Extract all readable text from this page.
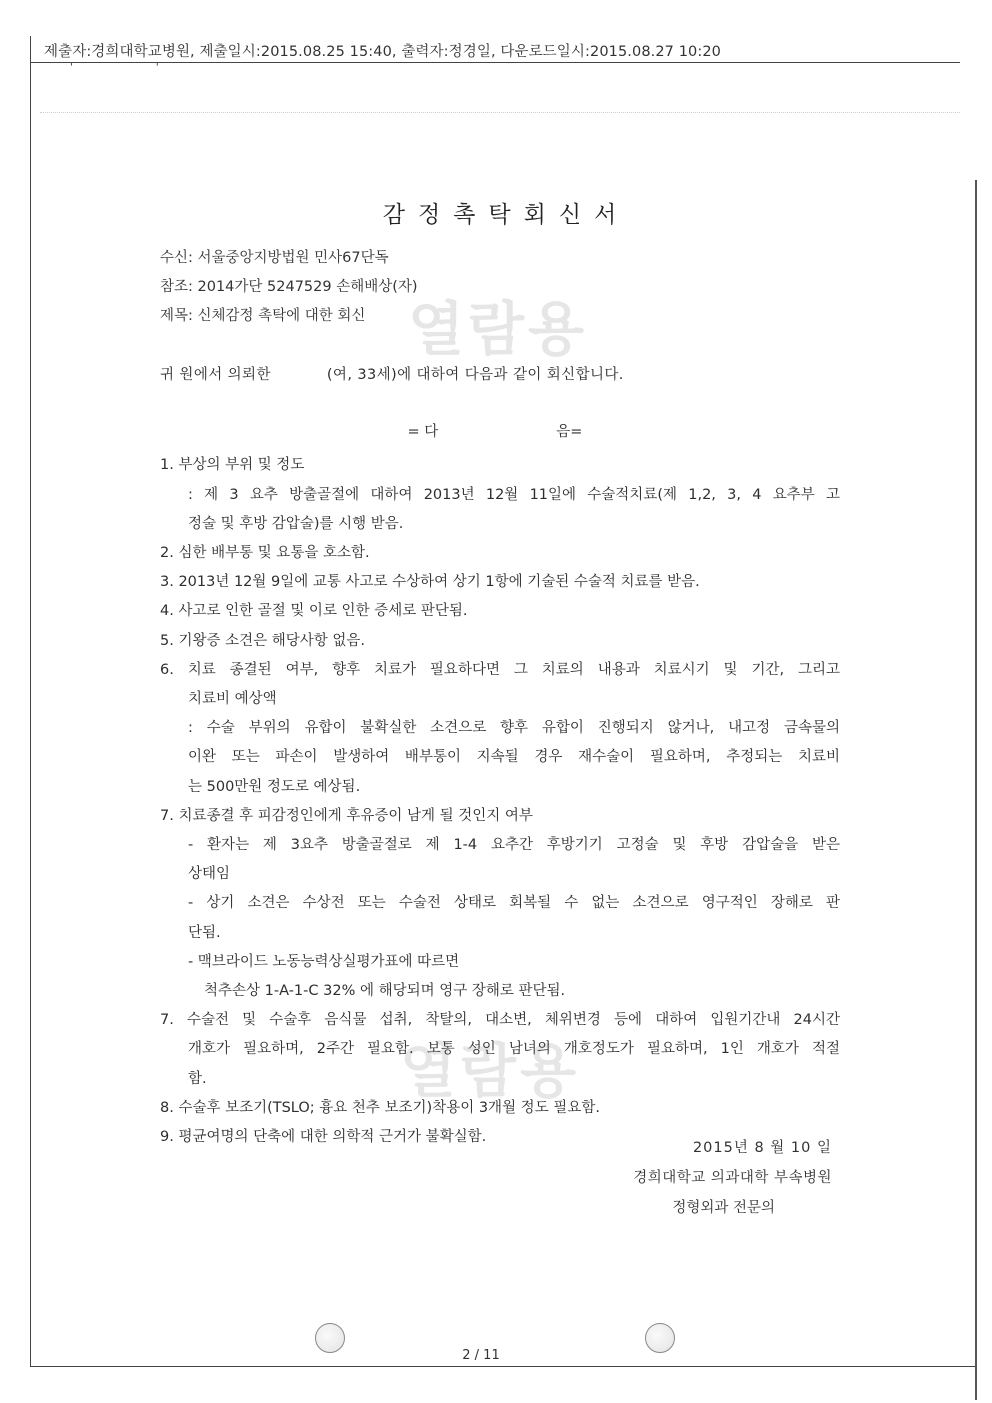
제출자:경희대학교병원, 제출일시:2015.08.25 15:40, 출력자:정경일, 다운로드일시:2015.08.27 10:20
' '
열람용
열람용
감정촉탁회신서
수신: 서울중앙지방법원 민사67단독
참조: 2014가단 5247529 손해배상(자)
제목: 신체감정 촉탁에 대한 회신

귀 원에서 의뢰한	(여, 33세)에 대하여 다음과 같이 회신합니다.

= 다	음=

1. 부상의 부위 및 정도

: 제 3 요추 방출골절에 대하여 2013년 12월 11일에 수술적치료(제 1,2, 3, 4 요추부 고

정술 및 후방 감압술)를 시행 받음.

2. 심한 배부통 및 요통을 호소함.

3. 2013년 12월 9일에 교통 사고로 수상하여 상기 1항에 기술된 수술적 치료를 받음.

4. 사고로 인한 골절 및 이로 인한 증세로 판단됨.

5. 기왕증 소견은 해당사항 없음.

6. 치료 종결된 여부, 향후 치료가 필요하다면 그 치료의 내용과 치료시기 및 기간, 그리고

치료비 예상액

: 수술 부위의 유합이 불확실한 소견으로 향후 유합이 진행되지 않거나, 내고정 금속물의

이완 또는 파손이 발생하여 배부통이 지속될 경우 재수술이 필요하며, 추정되는 치료비

는 500만원 정도로 예상됨.

7. 치료종결 후 피감정인에게 후유증이 남게 될 것인지 여부

- 환자는 제 3요추 방출골절로 제 1-4 요추간 후방기기 고정술 및 후방 감압술을 받은

상태임

- 상기 소견은 수상전 또는 수술전 상태로 회복될 수 없는 소견으로 영구적인 장해로 판

단됨.

- 맥브라이드 노동능력상실평가표에 따르면

척추손상 1-A-1-C 32% 에 해당되며 영구 장해로 판단됨.

7. 수술전 및 수술후 음식물 섭취, 착탈의, 대소변, 체위변경 등에 대하여 입원기간내 24시간

개호가 필요하며, 2주간 필요함. 보통 성인 남녀의 개호정도가 필요하며, 1인 개호가 적절

함.

8. 수술후 보조기(TSLO; 흉요 천추 보조기)착용이 3개월 정도 필요함.

9. 평균여명의 단축에 대한 의학적 근거가 불확실함.

2015년 8 월 10 일
경희대학교 의과대학 부속병원
정형외과 전문의
2 / 11
